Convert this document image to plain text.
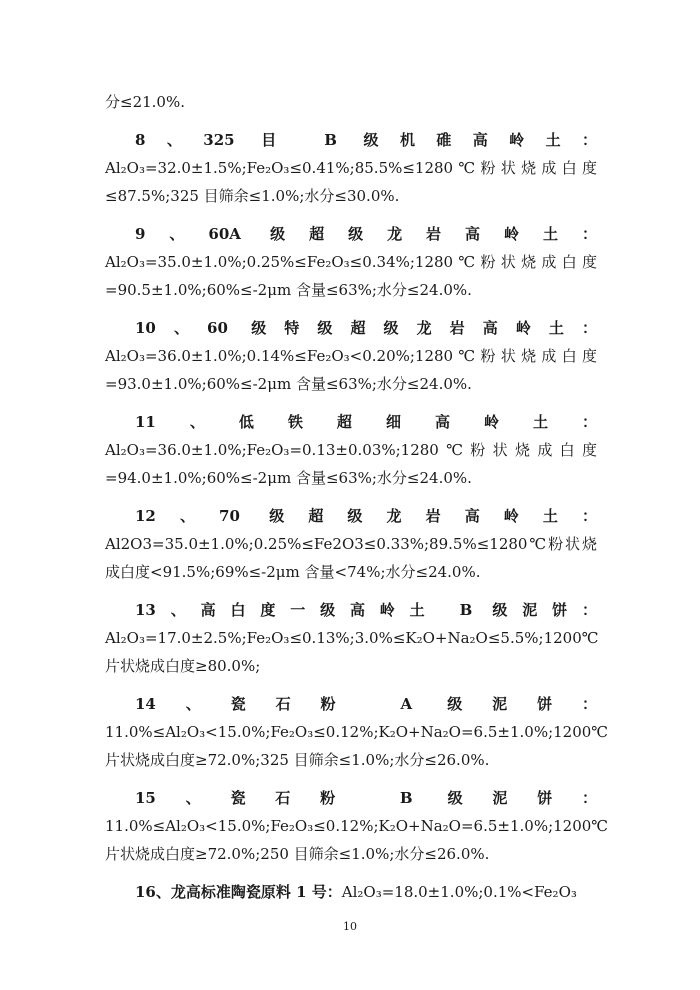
分≤21.0%.

8、325 目 B 级机碓高岭土：Al₂O₃=32.0±1.5%;Fe₂O₃≤0.41%;85.5%≤1280℃粉状烧成白度≤87.5%;325 目筛余≤1.0%;水分≤30.0%.

9、60A 级超级龙岩高岭土：Al₂O₃=35.0±1.0%;0.25%≤Fe₂O₃≤0.34%;1280℃粉状烧成白度=90.5±1.0%;60%≤-2μm 含量≤63%;水分≤24.0%.

10、60 级特级超级龙岩高岭土：Al₂O₃=36.0±1.0%;0.14%≤Fe₂O₃<0.20%;1280℃粉状烧成白度=93.0±1.0%;60%≤-2μm 含量≤63%;水分≤24.0%.

11、低铁超细高岭土：Al₂O₃=36.0±1.0%;Fe₂O₃=0.13±0.03%;1280℃粉状烧成白度=94.0±1.0%;60%≤-2μm 含量≤63%;水分≤24.0%.

12、70 级超级龙岩高岭土：Al2O3=35.0±1.0%;0.25%≤Fe2O3≤0.33%;89.5%≤1280℃粉状烧成白度<91.5%;69%≤-2μm 含量<74%;水分≤24.0%.

13、高白度一级高岭土 B 级泥饼：Al₂O₃=17.0±2.5%;Fe₂O₃≤0.13%;3.0%≤K₂O+Na₂O≤5.5%;1200℃片状烧成白度≥80.0%;

14、瓷石粉 A 级泥饼：11.0%≤Al₂O₃<15.0%;Fe₂O₃≤0.12%;K₂O+Na₂O=6.5±1.0%;1200℃片状烧成白度≥72.0%;325 目筛余≤1.0%;水分≤26.0%.

15、瓷石粉 B 级泥饼：11.0%≤Al₂O₃<15.0%;Fe₂O₃≤0.12%;K₂O+Na₂O=6.5±1.0%;1200℃片状烧成白度≥72.0%;250 目筛余≤1.0%;水分≤26.0%.

16、龙高标准陶瓷原料 1 号：Al₂O₃=18.0±1.0%;0.1%<Fe₂O₃

10
